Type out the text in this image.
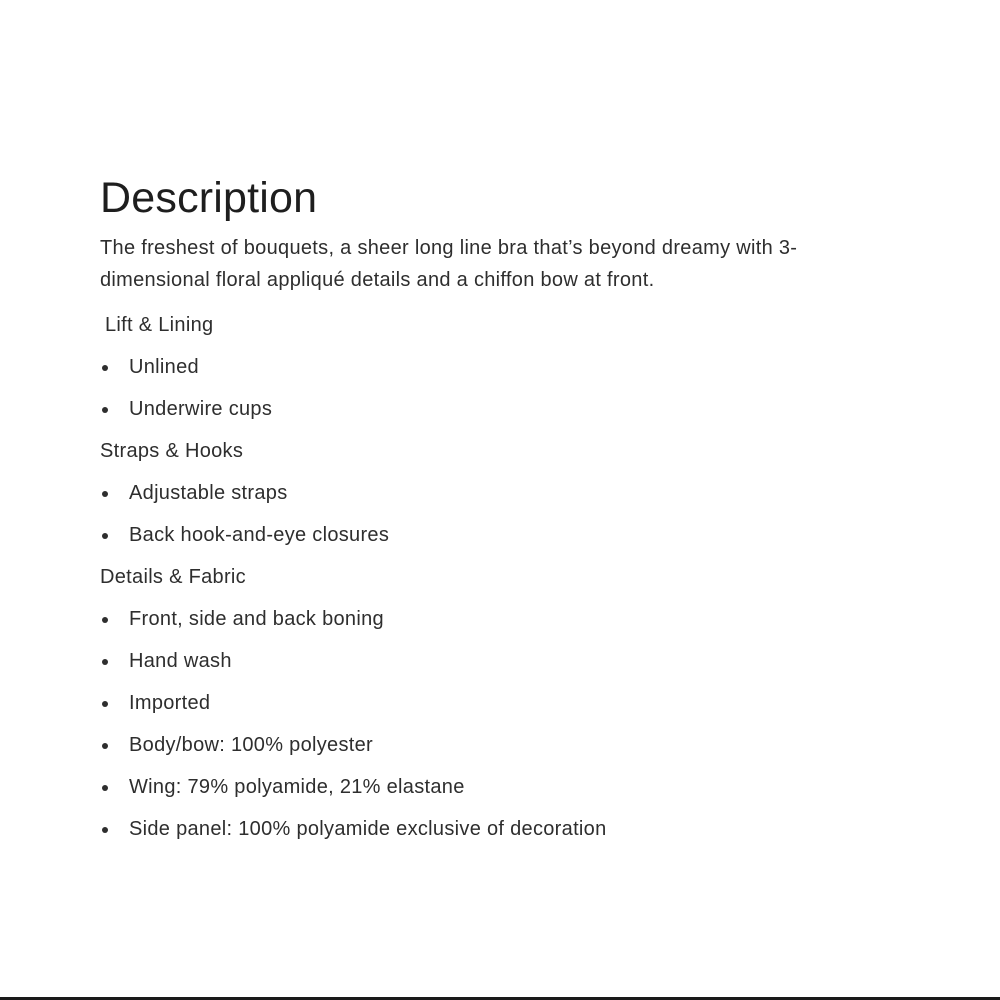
Description

The freshest of bouquets, a sheer long line bra that’s beyond dreamy with 3-dimensional floral appliqué details and a chiffon bow at front.

Lift & Lining
Unlined
Underwire cups
Straps & Hooks
Adjustable straps
Back hook-and-eye closures
Details & Fabric
Front, side and back boning
Hand wash
Imported
Body/bow: 100% polyester
Wing: 79% polyamide, 21% elastane
Side panel: 100% polyamide exclusive of decoration
